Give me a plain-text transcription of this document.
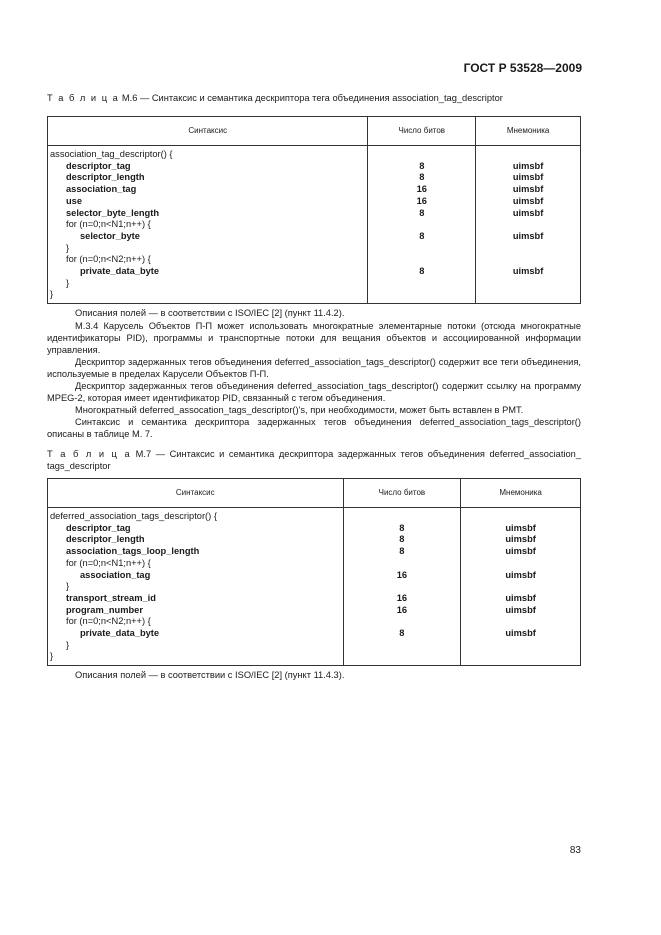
ГОСТ Р 53528—2009
Т а б л и ц а М.6 — Синтаксис и семантика дескриптора тега объединения association_tag_descriptor
Синтаксис	Число битов	Мнемоника
association_tag_descriptor() {		
descriptor_tag	8	uimsbf
descriptor_length	8	uimsbf
association_tag	16	uimsbf
use	16	uimsbf
selector_byte_length	8	uimsbf
for (n=0;n<N1;n++) {		
selector_byte	8	uimsbf
}		
for (n=0;n<N2;n++) {		
private_data_byte	8	uimsbf
}		
}		
Описания полей — в соответствии с ISO/IEC [2] (пункт 11.4.2).

М.3.4 Карусель Объектов П-П может использовать многократные элементарные потоки (отсюда многократные идентификаторы PID), программы и транспортные потоки для вещания объектов и ассоциированной информации управления.

Дескриптор задержанных тегов объединения deferred_association_tags_descriptor() содержит все теги объединения, используемые в пределах Карусели Объектов П-П.

Дескриптор задержанных тегов объединения deferred_association_tags_descriptor() содержит ссылку на программу MPEG-2, которая имеет идентификатор PID, связанный с тегом объединения.

Многократный deferred_assocation_tags_descriptor()'s, при необходимости, может быть вставлен в PMT.

Синтаксис и семантика дескриптора задержанных тегов объединения deferred_association_tags_descriptor() описаны в таблице М. 7.

Т а б л и ц а М.7 — Синтаксис и семантика дескриптора задержанных тегов объединения deferred_association_ tags_descriptor
Синтаксис	Число битов	Мнемоника
deferred_association_tags_descriptor() {		
descriptor_tag	8	uimsbf
descriptor_length	8	uimsbf
association_tags_loop_length	8	uimsbf
for (n=0;n<N1;n++) {		
association_tag	16	uimsbf
}		
transport_stream_id	16	uimsbf
program_number	16	uimsbf
for (n=0;n<N2;n++) {		
private_data_byte	8	uimsbf
}		
}		
Описания полей — в соответствии с ISO/IEC [2] (пункт 11.4.3).
83
